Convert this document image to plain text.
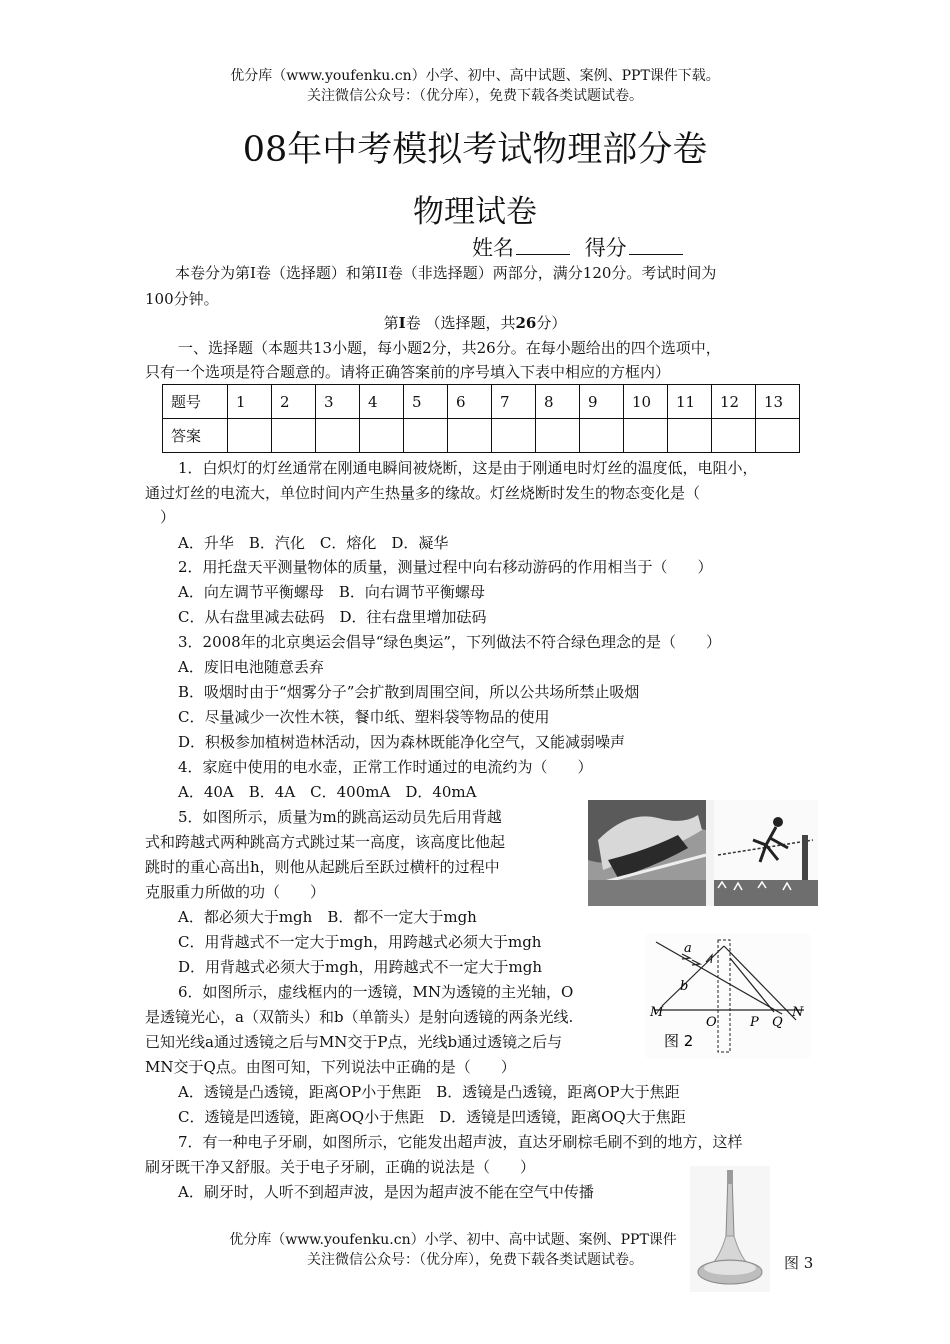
优分库（www.youfenku.cn）小学、初中、高中试题、案例、PPT课件下载。
关注微信公众号：（优分库），免费下载各类试题试卷。
08年中考模拟考试物理部分卷
物理试卷
姓名	得分
本卷分为第I卷（选择题）和第II卷（非选择题）两部分，满分120分。考试时间为
100分钟。
第I卷 （选择题，共26分）
一、选择题（本题共13小题，每小题2分，共26分。在每小题给出的四个选项中，
只有一个选项是符合题意的。请将正确答案前的序号填入下表中相应的方框内）
题号	1	2	3	4	5	6	7	8	9	10	11	12	13
答案													
1．白炽灯的灯丝通常在刚通电瞬间被烧断，这是由于刚通电时灯丝的温度低，电阻小，
通过灯丝的电流大，单位时间内产生热量多的缘故。灯丝烧断时发生的物态变化是（
）
A．升华　B．汽化　C．熔化　D．凝华
2．用托盘天平测量物体的质量，测量过程中向右移动游码的作用相当于（　　）
A．向左调节平衡螺母　B．向右调节平衡螺母
C．从右盘里减去砝码　D．往右盘里增加砝码
3．2008年的北京奥运会倡导“绿色奥运”，下列做法不符合绿色理念的是（　　）
A．废旧电池随意丢弃
B．吸烟时由于“烟雾分子”会扩散到周围空间，所以公共场所禁止吸烟
C．尽量减少一次性木筷，餐巾纸、塑料袋等物品的使用
D．积极参加植树造林活动，因为森林既能净化空气，又能减弱噪声
4．家庭中使用的电水壶，正常工作时通过的电流约为（　　）
A．40A　B．4A　C．400mA　D．40mA
5．如图所示，质量为m的跳高运动员先后用背越
式和跨越式两种跳高方式跳过某一高度，该高度比他起
跳时的重心高出h，则他从起跳后至跃过横杆的过程中
克服重力所做的功（　　）
A．都必须大于mgh　B．都不一定大于mgh
C．用背越式不一定大于mgh，用跨越式必须大于mgh
D．用背越式必须大于mgh，用跨越式不一定大于mgh
6．如图所示，虚线框内的一透镜，MN为透镜的主光轴，O
是透镜光心，a（双箭头）和b（单箭头）是射向透镜的两条光线.
已知光线a通过透镜之后与MN交于P点，光线b通过透镜之后与
MN交于Q点。由图可知，下列说法中正确的是（　　）
A．透镜是凸透镜，距离OP小于焦距　B．透镜是凸透镜，距离OP大于焦距
C．透镜是凹透镜，距离OQ小于焦距　D．透镜是凹透镜，距离OQ大于焦距
7．有一种电子牙刷，如图所示，它能发出超声波，直达牙刷棕毛刷不到的地方，这样
刷牙既干净又舒服。关于电子牙刷，正确的说法是（　　）
A．刷牙时，人听不到超声波，是因为超声波不能在空气中传播
a
b
M
O	P Q
N
图 2
图 3
优分库（www.youfenku.cn）小学、初中、高中试题、案例、PPT课件
关注微信公众号：（优分库），免费下载各类试题试卷。
